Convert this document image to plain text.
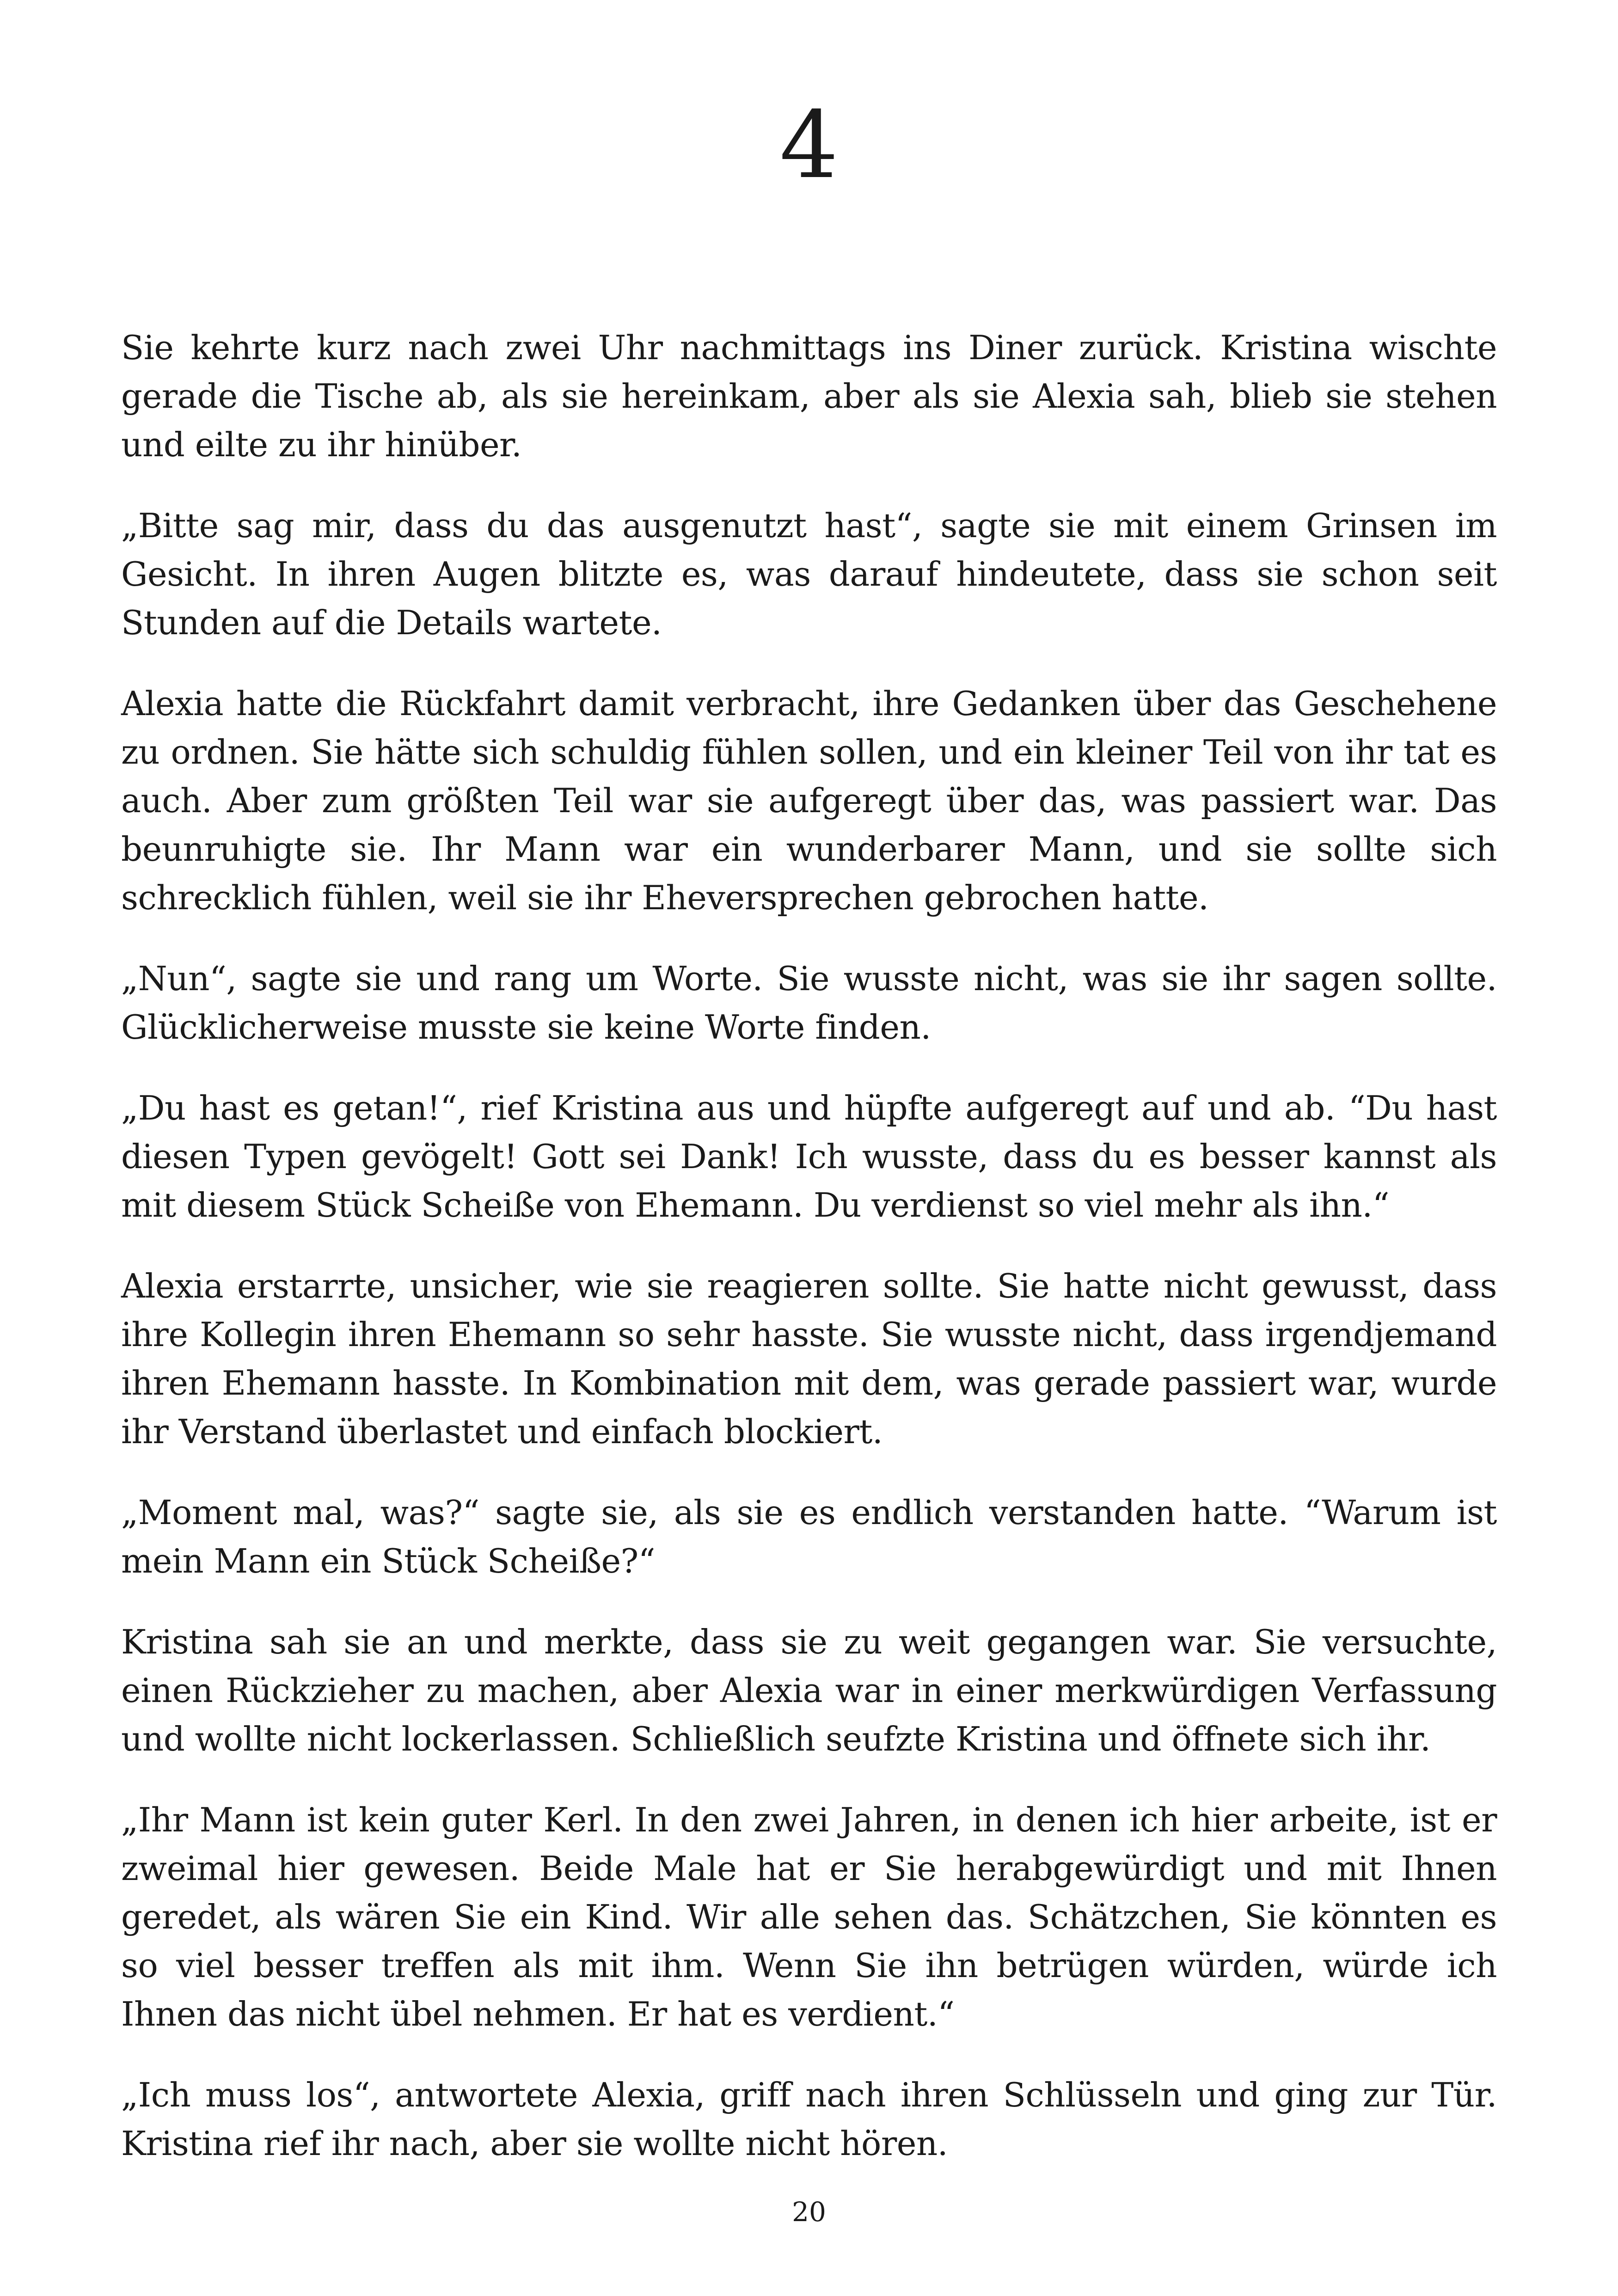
4

Sie kehrte kurz nach zwei Uhr nachmittags ins Diner zurück. Kristina wischte gerade die Tische ab, als sie hereinkam, aber als sie Alexia sah, blieb sie stehen und eilte zu ihr hinüber.

„Bitte sag mir, dass du das ausgenutzt hast“, sagte sie mit einem Grinsen im Gesicht. In ihren Augen blitzte es, was darauf hindeutete, dass sie schon seit Stunden auf die Details wartete.

Alexia hatte die Rückfahrt damit verbracht, ihre Gedanken über das Geschehene zu ordnen. Sie hätte sich schuldig fühlen sollen, und ein kleiner Teil von ihr tat es auch. Aber zum größten Teil war sie aufgeregt über das, was passiert war. Das beunruhigte sie. Ihr Mann war ein wunderbarer Mann, und sie sollte sich schrecklich fühlen, weil sie ihr Eheversprechen gebrochen hatte.

„Nun“, sagte sie und rang um Worte. Sie wusste nicht, was sie ihr sagen sollte. Glücklicherweise musste sie keine Worte finden.

„Du hast es getan!“, rief Kristina aus und hüpfte aufgeregt auf und ab. “Du hast diesen Typen gevögelt! Gott sei Dank! Ich wusste, dass du es besser kannst als mit diesem Stück Scheiße von Ehemann. Du verdienst so viel mehr als ihn.“

Alexia erstarrte, unsicher, wie sie reagieren sollte. Sie hatte nicht gewusst, dass ihre Kollegin ihren Ehemann so sehr hasste. Sie wusste nicht, dass irgendjemand ihren Ehemann hasste. In Kombination mit dem, was gerade passiert war, wurde ihr Verstand überlastet und einfach blockiert.

„Moment mal, was?“ sagte sie, als sie es endlich verstanden hatte. “Warum ist mein Mann ein Stück Scheiße?“

Kristina sah sie an und merkte, dass sie zu weit gegangen war. Sie versuchte, einen Rückzieher zu machen, aber Alexia war in einer merkwürdigen Verfassung und wollte nicht lockerlassen. Schließlich seufzte Kristina und öffnete sich ihr.

„Ihr Mann ist kein guter Kerl. In den zwei Jahren, in denen ich hier arbeite, ist er zweimal hier gewesen. Beide Male hat er Sie herabgewürdigt und mit Ihnen geredet, als wären Sie ein Kind. Wir alle sehen das. Schätzchen, Sie könnten es so viel besser treffen als mit ihm. Wenn Sie ihn betrügen würden, würde ich Ihnen das nicht übel nehmen. Er hat es verdient.“

„Ich muss los“, antwortete Alexia, griff nach ihren Schlüsseln und ging zur Tür. Kristina rief ihr nach, aber sie wollte nicht hören.

20
